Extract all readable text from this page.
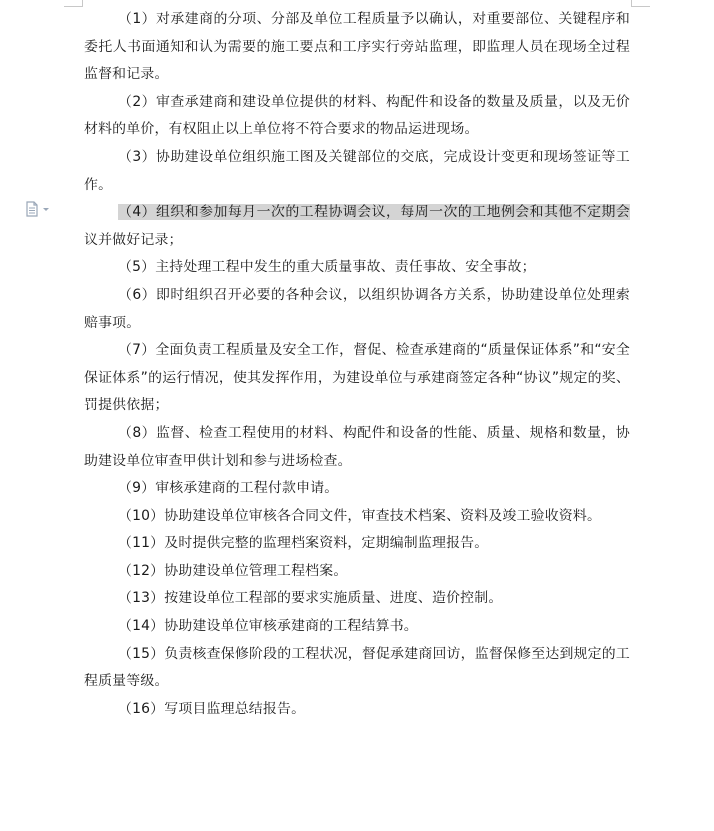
（1）对承建商的分项、分部及单位工程质量予以确认，对重要部位、关键程序和委托人书面通知和认为需要的施工要点和工序实行旁站监理，即监理人员在现场全过程监督和记录。

（2）审查承建商和建设单位提供的材料、构配件和设备的数量及质量，以及无价材料的单价，有权阻止以上单位将不符合要求的物品运进现场。

（3）协助建设单位组织施工图及关键部位的交底，完成设计变更和现场签证等工作。

（4）组织和参加每月一次的工程协调会议，每周一次的工地例会和其他不定期会议并做好记录；

（5）主持处理工程中发生的重大质量事故、责任事故、安全事故；

（6）即时组织召开必要的各种会议，以组织协调各方关系，协助建设单位处理索赔事项。

（7）全面负责工程质量及安全工作，督促、检查承建商的“质量保证体系”和“安全保证体系”的运行情况，使其发挥作用，为建设单位与承建商签定各种“协议”规定的奖、罚提供依据；

（8）监督、检查工程使用的材料、构配件和设备的性能、质量、规格和数量，协助建设单位审查甲供计划和参与进场检查。

（9）审核承建商的工程付款申请。

（10）协助建设单位审核各合同文件，审查技术档案、资料及竣工验收资料。

（11）及时提供完整的监理档案资料，定期编制监理报告。

（12）协助建设单位管理工程档案。

（13）按建设单位工程部的要求实施质量、进度、造价控制。

（14）协助建设单位审核承建商的工程结算书。

（15）负责核查保修阶段的工程状况，督促承建商回访，监督保修至达到规定的工程质量等级。

（16）写项目监理总结报告。
